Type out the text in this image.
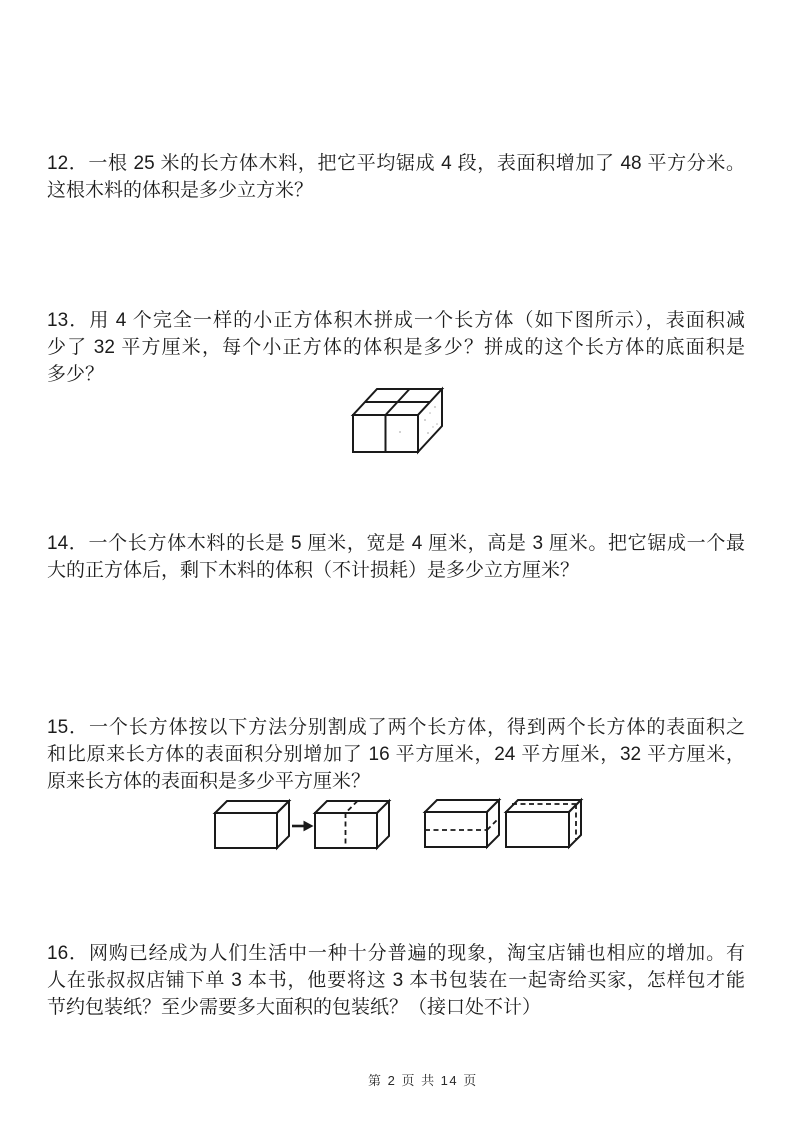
12．一根 25 米的长方体木料，把它平均锯成 4 段，表面积增加了 48 平方分米。
这根木料的体积是多少立方米？
13．用 4 个完全一样的小正方体积木拼成一个长方体（如下图所示），表面积减
少了 32 平方厘米，每个小正方体的体积是多少？拼成的这个长方体的底面积是
多少？
14．一个长方体木料的长是 5 厘米，宽是 4 厘米，高是 3 厘米。把它锯成一个最
大的正方体后，剩下木料的体积（不计损耗）是多少立方厘米？
15．一个长方体按以下方法分别割成了两个长方体，得到两个长方体的表面积之
和比原来长方体的表面积分别增加了 16 平方厘米，24 平方厘米，32 平方厘米，
原来长方体的表面积是多少平方厘米？
16．网购已经成为人们生活中一种十分普遍的现象，淘宝店铺也相应的增加。有
人在张叔叔店铺下单 3 本书，他要将这 3 本书包装在一起寄给买家，怎样包才能
节约包装纸？至少需要多大面积的包装纸？（接口处不计）
第 2 页 共 14 页
